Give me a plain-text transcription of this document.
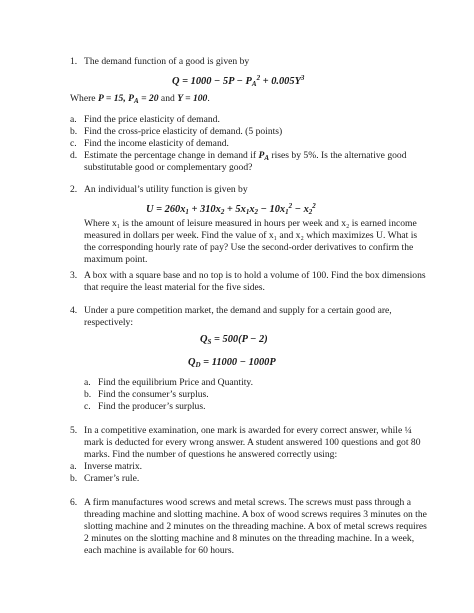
1. The demand function of a good is given by
$Q = 1000 - 5P - P_A^2 + 0.005Y^3$
Where P = 15, $P_A = 20$ and Y = 100.
a. Find the price elasticity of demand.
b. Find the cross-price elasticity of demand. (5 points)
c. Find the income elasticity of demand.
d. Estimate the percentage change in demand if $P_A$ rises by 5%. Is the alternative good
substitutable good or complementary good?
2. An individual’s utility function is given by
$U = 260x_1 + 310x_2 + 5x_1x_2 - 10x_1^2 - x_2^2$
Where x₁ is the amount of leisure measured in hours per week and x₂ is earned income
measured in dollars per week. Find the value of x₁ and x₂ which maximizes U. What is
the corresponding hourly rate of pay? Use the second-order derivatives to confirm the
maximum point.
3. A box with a square base and no top is to hold a volume of 100. Find the box dimensions
that require the least material for the five sides.
4. Under a pure competition market, the demand and supply for a certain good are,
respectively:
$Q_S = 500(P - 2)$
$Q_D = 11000 - 1000P$
a. Find the equilibrium Price and Quantity.
b. Find the consumer’s surplus.
c. Find the producer’s surplus.
5. In a competitive examination, one mark is awarded for every correct answer, while ¼
mark is deducted for every wrong answer. A student answered 100 questions and got 80
marks. Find the number of questions he answered correctly using:
a. Inverse matrix.
b. Cramer’s rule.
6. A firm manufactures wood screws and metal screws. The screws must pass through a
threading machine and slotting machine. A box of wood screws requires 3 minutes on the
slotting machine and 2 minutes on the threading machine. A box of metal screws requires
2 minutes on the slotting machine and 8 minutes on the threading machine. In a week,
each machine is available for 60 hours.
